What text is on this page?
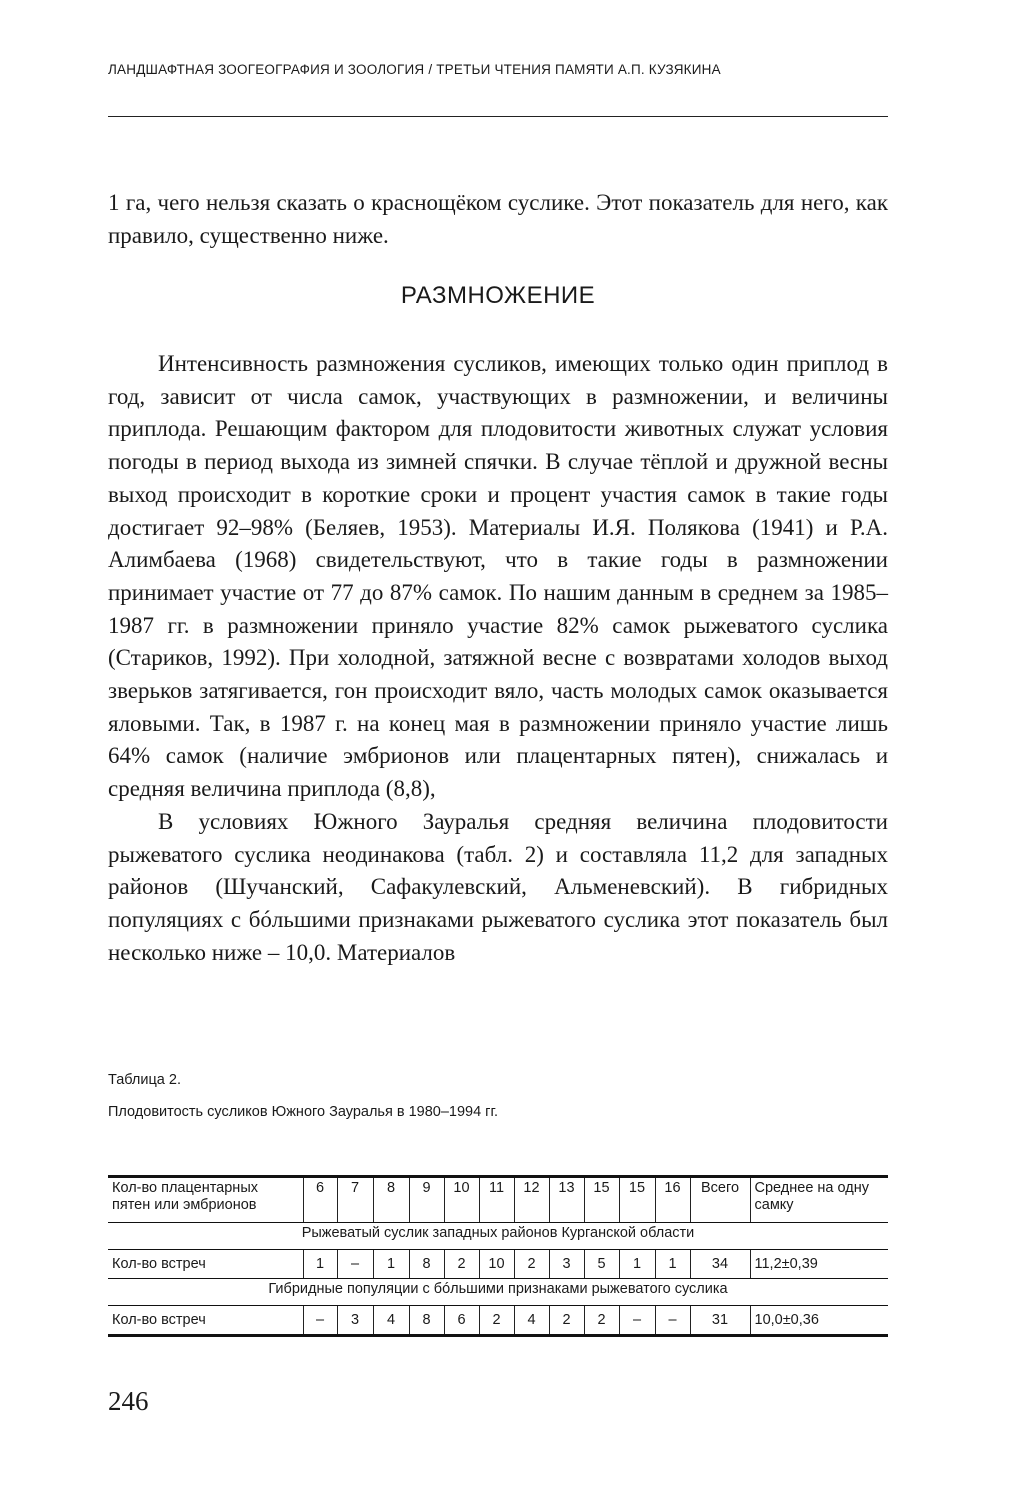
ЛАНДШАФТНАЯ ЗООГЕОГРАФИЯ И ЗООЛОГИЯ / ТРЕТЬИ ЧТЕНИЯ ПАМЯТИ А.П. КУЗЯКИНА

1 га, чего нельзя сказать о краснощёком суслике. Этот показатель для него, как правило, существенно ниже.

РАЗМНОЖЕНИЕ

Интенсивность размножения сусликов, имеющих только один приплод в год, зависит от числа самок, участвующих в размножении, и величины приплода. Решающим фактором для плодовитости животных служат условия погоды в период выхода из зимней спячки. В случае тёплой и дружной весны выход происходит в короткие сроки и процент участия самок в такие годы достигает 92–98% (Беляев, 1953). Материалы И.Я. Полякова (1941) и Р.А. Алимбаева (1968) свидетельствуют, что в такие годы в размножении принимает участие от 77 до 87% самок. По нашим данным в среднем за 1985–1987 гг. в размножении приняло участие 82% самок рыжеватого суслика (Стариков, 1992). При холодной, затяжной весне с возвратами холодов выход зверьков затягивается, гон происходит вяло, часть молодых самок оказывается яловыми. Так, в 1987 г. на конец мая в размножении приняло участие лишь 64% самок (наличие эмбрионов или плацентарных пятен), снижалась и средняя величина приплода (8,8),

В условиях Южного Зауралья средняя величина плодовитости рыжеватого суслика неодинакова (табл. 2) и составляла 11,2 для западных районов (Шучанский, Сафакулевский, Альменевский). В гибридных популяциях с бóльшими признаками рыжеватого суслика этот показатель был несколько ниже – 10,0. Материалов

Таблица 2.
Плодовитость сусликов Южного Зауралья в 1980–1994 гг.
Кол-во плацентарных пятен или эмбрионов	6	7	8	9	10	11	12	13	15	15	16	Всего	Среднее на одну самку
Рыжеватый суслик западных районов Курганской области													
Кол-во встреч	1	–	1	8	2	10	2	3	5	1	1	34	11,2±0,39
Гибридные популяции с бóльшими признаками рыжеватого суслика													
Кол-во встреч	–	3	4	8	6	2	4	2	2	–	–	31	10,0±0,36
246
